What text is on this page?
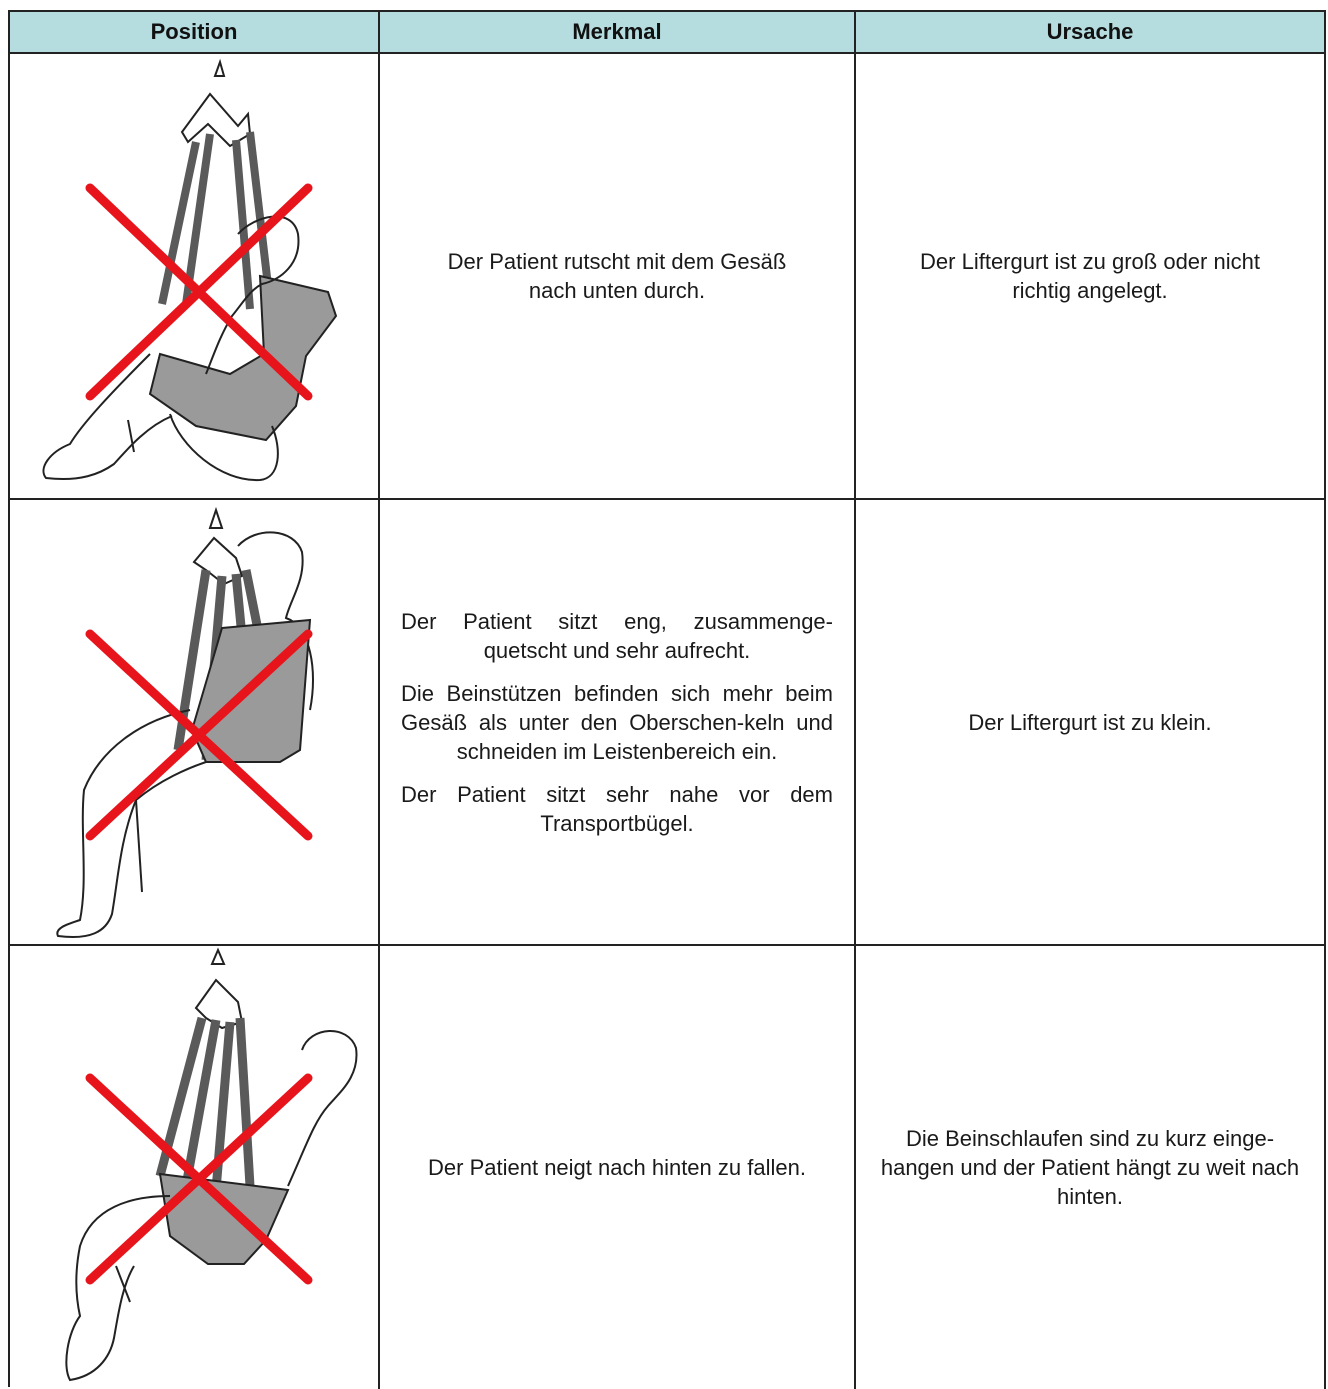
Position	Merkmal	Ursache

Der Patient rutscht mit dem Gesäß nach unten durch.

Der Liftergurt ist zu groß oder nicht richtig angelegt.

Der Patient sitzt eng, zusammenge-quetscht und sehr aufrecht.

Die Beinstützen befinden sich mehr beim Gesäß als unter den Oberschen-keln und schneiden im Leistenbereich ein.

Der Patient sitzt sehr nahe vor dem Transportbügel.

Der Liftergurt ist zu klein.

Der Patient neigt nach hinten zu fallen.

Die Beinschlaufen sind zu kurz einge-hangen und der Patient hängt zu weit nach hinten.
